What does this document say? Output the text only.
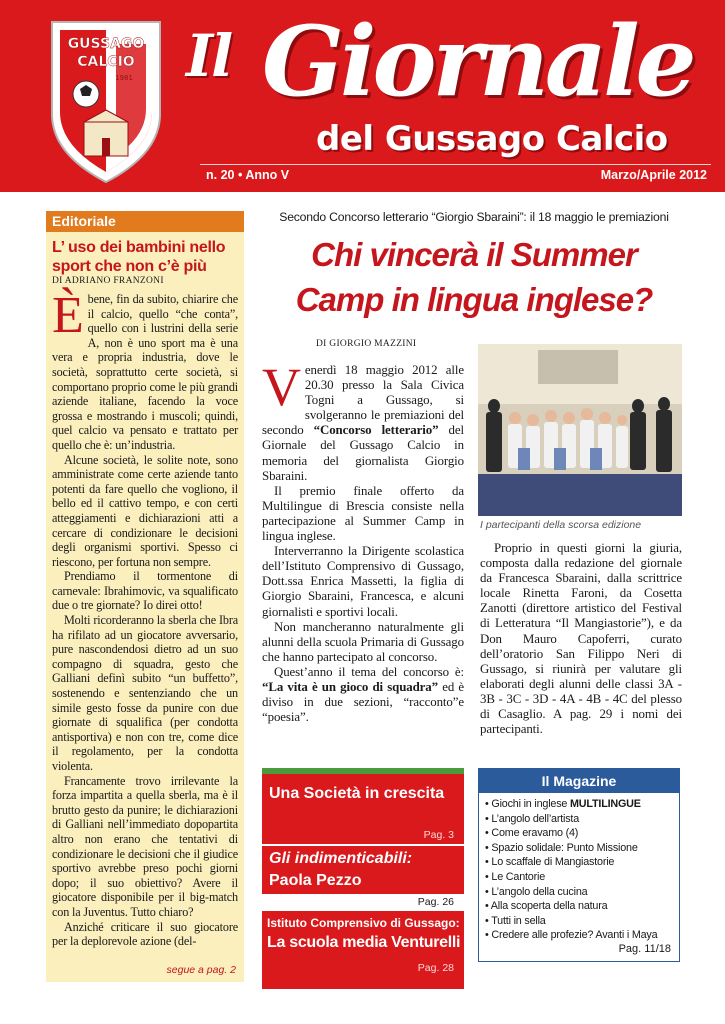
GUSSAGO
CALCIO
1981 Il Giornale
del Gussago Calcio
n. 20 • Anno V	Marzo/Aprile 2012
Editoriale
L’ uso dei bambini nello sport che non c’è più
DI ADRIANO FRANZONI

Èbene, fin da subito, chiarire che il calcio, quello “che conta”, quello con i lustrini della serie A, non è uno sport ma è una vera e propria industria, dove le società, soprattutto certe società, si comportano proprio come le più grandi aziende italiane, facendo la voce grossa e mostrando i muscoli; quindi, quel calcio va pensato e trattato per quello che è: un’industria.

Alcune società, le solite note, sono amministrate come certe aziende tanto potenti da fare quello che vogliono, il bello ed il cattivo tempo, e con certi atteggiamenti e dichiarazioni atti a cercare di condizionare le decisioni degli organismi sportivi. Spesso ci riescono, per fortuna non sempre.

Prendiamo il tormentone di carnevale: Ibrahimovic, va squalificato due o tre giornate? Io direi otto!

Molti ricorderanno la sberla che Ibra ha rifilato ad un giocatore avversario, pure nascondendosi dietro ad un suo compagno di squadra, gesto che Galliani definì subito “un buffetto”, sostenendo e sentenziando che un simile gesto fosse da punire con due giornate di squalifica (per condotta antisportiva) e non con tre, come dice il regolamento, per la condotta violenta.

Francamente trovo irrilevante la forza impartita a quella sberla, ma è il brutto gesto da punire; le dichiarazioni di Galliani nell’immediato dopopartita altro non erano che tentativi di condizionare le decisioni che il giudice sportivo avrebbe preso pochi giorni dopo; il suo obiettivo? Avere il giocatore disponibile per il big-match con la Juventus. Tutto chiaro?

Anziché criticare il suo giocatore per la deplorevole azione (del-

segue a pag. 2
Secondo Concorso letterario “Giorgio Sbaraini”: il 18 maggio le premiazioni
Chi vincerà il Summer Camp in lingua inglese?
DI GIORGIO MAZZINI

Venerdì 18 maggio 2012 alle 20.30 presso la Sala Civica Togni a Gussago, si svolgeranno le premiazioni del secondo “Concorso letterario” del Giornale del Gussago Calcio in memoria del giornalista Giorgio Sbaraini.

Il premio finale offerto da Multilingue di Brescia consiste nella partecipazione al Summer Camp in lingua inglese.

Interverranno la Dirigente scolastica dell’Istituto Comprensivo di Gussago, Dott.ssa Enrica Massetti, la figlia di Giorgio Sbaraini, Francesca, e alcuni giornalisti e sportivi locali.

Non mancheranno naturalmente gli alunni della scuola Primaria di Gussago che hanno partecipato al concorso.

Quest’anno il tema del concorso è: “La vita è un gioco di squadra” ed è diviso in due sezioni, “racconto”e “poesia”.

I partecipanti della scorsa edizione

Proprio in questi giorni la giuria, composta dalla redazione del giornale da Francesca Sbaraini, dalla scrittrice locale Rinetta Faroni, da Cosetta Zanotti (direttore artistico del Festival di Letteratura “Il Mangiastorie”), e da Don Mauro Capoferri, curato dell’oratorio San Filippo Neri di Gussago, si riunirà per valutare gli elaborati degli alunni delle classi 3A - 3B - 3C - 3D - 4A - 4B - 4C del plesso di Casaglio. A pag. 29 i nomi dei partecipanti.

Una Società in crescita
Pag. 3
Gli indimenticabili:
Paola Pezzo
Pag. 26
Istituto Comprensivo di Gussago:
La scuola media Venturelli
Pag. 28
Il Magazine
• Giochi in inglese MULTILINGUE
• L’angolo dell’artista
• Come eravamo (4)
• Spazio solidale: Punto Missione
• Lo scaffale di Mangiastorie
• Le Cantorie
• L’angolo della cucina
• Alla scoperta della natura
• Tutti in sella
• Credere alle profezie? Avanti i Maya
Pag. 11/18
